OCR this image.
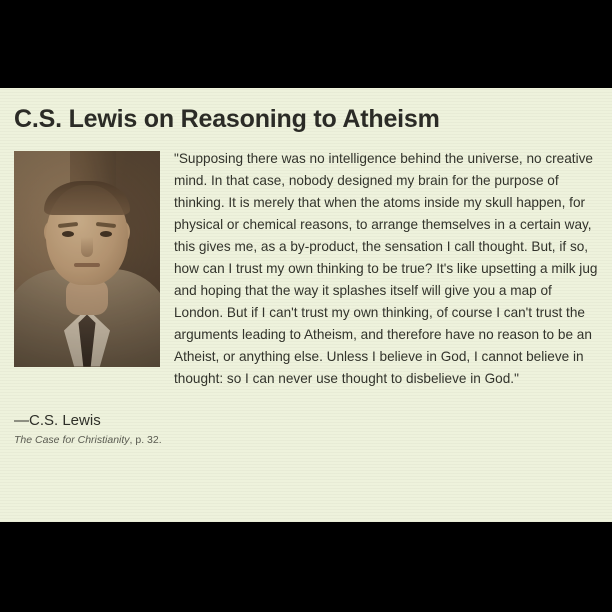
C.S. Lewis on Reasoning to Atheism

"Supposing there was no intelligence behind the universe, no creative mind. In that case, nobody designed my brain for the purpose of thinking. It is merely that when the atoms inside my skull happen, for physical or chemical reasons, to arrange themselves in a certain way, this gives me, as a by-product, the sensation I call thought. But, if so, how can I trust my own thinking to be true? It's like upsetting a milk jug and hoping that the way it splashes itself will give you a map of London. But if I can't trust my own thinking, of course I can't trust the arguments leading to Atheism, and therefore have no reason to be an Atheist, or anything else. Unless I believe in God, I cannot believe in thought: so I can never use thought to disbelieve in God."

—C.S. Lewis

The Case for Christianity, p. 32.
